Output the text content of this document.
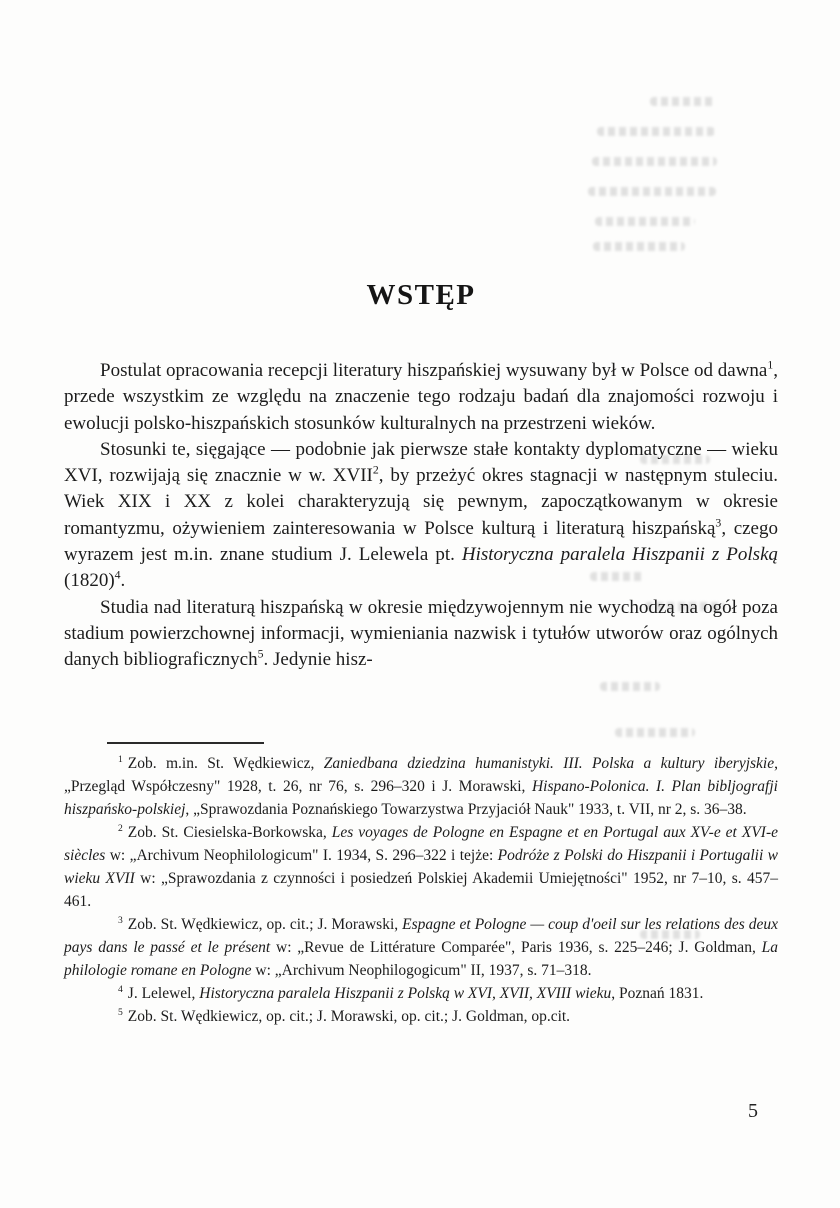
WSTĘP

Postulat opracowania recepcji literatury hiszpańskiej wysuwany był w Polsce od dawna$^1$, przede wszystkim ze względu na znaczenie tego rodzaju badań dla znajomości rozwoju i ewolucji polsko-hiszpańskich stosunków kulturalnych na przestrzeni wieków.

Stosunki te, sięgające — podobnie jak pierwsze stałe kontakty dyplomatyczne — wieku XVI, rozwijają się znacznie w w. XVII$^2$, by przeżyć okres stagnacji w następnym stuleciu. Wiek XIX i XX z kolei charakteryzują się pewnym, zapoczątkowanym w okresie romantyzmu, ożywieniem zainteresowania w Polsce kulturą i literaturą hiszpańską$^3$, czego wyrazem jest m.in. znane studium J. Lelewela pt. Historyczna paralela Hiszpanii z Polską $(1820)^4$.

Studia nad literaturą hiszpańską w okresie międzywojennym nie wychodzą na ogół poza stadium powierzchownej informacji, wymieniania nazwisk i tytułów utworów oraz ogólnych danych bibliograficznych$^5$. Jedynie hisz-

$^1$ Zob. m.in. St. Wędkiewicz, Zaniedbana dziedzina humanistyki. III. Polska a kultury iberyjskie, „Przegląd Współczesny" 1928, t. 26, nr 76, s. 296–320 i J. Morawski, Hispano-Polonica. I. Plan bibljografji hiszpańsko-polskiej, „Sprawozdania Poznańskiego Towarzystwa Przyjaciół Nauk" 1933, t. VII, nr 2, s. 36–38.

$^2$ Zob. St. Ciesielska-Borkowska, Les voyages de Pologne en Espagne et en Portugal aux XV-e et XVI-e siècles w: „Archivum Neophilologicum" I. 1934, S. 296–322 i tejże: Podróże z Polski do Hiszpanii i Portugalii w wieku XVII w: „Sprawozdania z czynności i posiedzeń Polskiej Akademii Umiejętności" 1952, nr 7–10, s. 457–461.

$^3$ Zob. St. Wędkiewicz, op. cit.; J. Morawski, Espagne et Pologne — coup d'oeil sur les relations des deux pays dans le passé et le présent w: „Revue de Littérature Comparée", Paris 1936, s. 225–246; J. Goldman, La philologie romane en Pologne w: „Archivum Neophilogogicum" II, 1937, s. 71–318.

$^4$ J. Lelewel, Historyczna paralela Hiszpanii z Polską w XVI, XVII, XVIII wieku, Poznań 1831.

$^5$ Zob. St. Wędkiewicz, op. cit.; J. Morawski, op. cit.; J. Goldman, op.cit.

5
